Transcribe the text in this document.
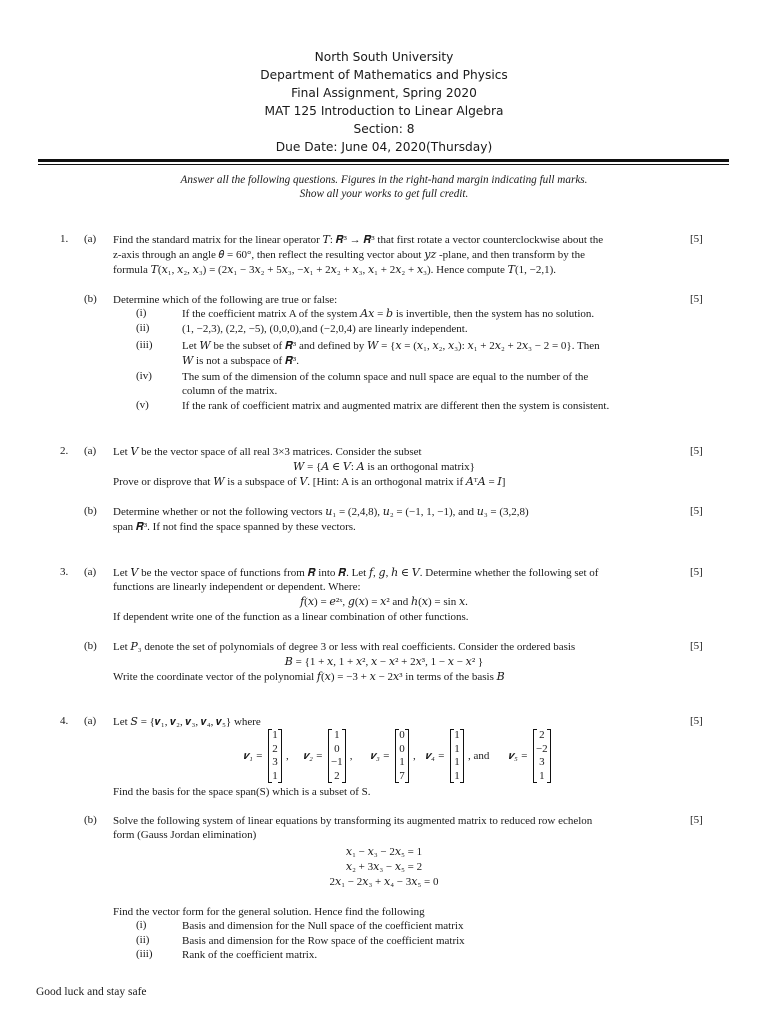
North South University
Department of Mathematics and Physics
Final Assignment, Spring 2020
MAT 125 Introduction to Linear Algebra
Section: 8
Due Date: June 04, 2020(Thursday)
Answer all the following questions. Figures in the right-hand margin indicating full marks.
Show all your works to get full credit.
1. (a)	[5]
Find the standard matrix for the linear operator 𝑇: 𝑹³ → 𝑹³ that first rotate a vector counterclockwise about the
z-axis through an angle 𝜃 = 60°, then reflect the resulting vector about 𝑦𝑧 -plane, and then transform by the
formula 𝑇(𝑥₁, 𝑥₂, 𝑥₃) = (2𝑥₁ − 3𝑥₂ + 5𝑥₃, −𝑥₁ + 2𝑥₂ + 𝑥₃, 𝑥₁ + 2𝑥₂ + 𝑥₃). Hence compute 𝑇(1, −2,1).
(b)	[5]
Determine which of the following are true or false:
(i)	If the coefficient matrix A of the system 𝐴𝑥 = 𝑏 is invertible, then the system has no solution.
(ii)	(1, −2,3), (2,2, −5), (0,0,0),and (−2,0,4) are linearly independent.
(iii)	Let 𝑊 be the subset of 𝑹³ and defined by 𝑊 = {𝑥 = (𝑥₁, 𝑥₂, 𝑥₃): 𝑥₁ + 2𝑥₂ + 2𝑥₃ − 2 = 0}. Then
𝑊 is not a subspace of 𝑹³.
(iv)	The sum of the dimension of the column space and null space are equal to the number of the
column of the matrix.
(v)	If the rank of coefficient matrix and augmented matrix are different then the system is consistent.
2. (a)	[5]
Let 𝑉 be the vector space of all real 3×3 matrices. Consider the subset
𝑊 = {𝐴 ∈ 𝑉: 𝐴 is an orthogonal matrix}
Prove or disprove that 𝑊 is a subspace of 𝑉. [Hint: A is an orthogonal matrix if 𝐴ᵀ𝐴 = 𝐼]
(b)	[5]
Determine whether or not the following vectors 𝑢₁ = (2,4,8), 𝑢₂ = (−1, 1, −1), and 𝑢₃ = (3,2,8)
span 𝑹³. If not find the space spanned by these vectors.
3. (a)	[5]
Let 𝑉 be the vector space of functions from 𝑹 into 𝑹. Let 𝑓, 𝑔, ℎ ∈ 𝑉. Determine whether the following set of
functions are linearly independent or dependent. Where:
𝑓(𝑥) = 𝑒²ˣ, 𝑔(𝑥) = 𝑥² and ℎ(𝑥) = sin 𝑥.
If dependent write one of the function as a linear combination of other functions.
(b)	[5]
Let 𝑃₃ denote the set of polynomials of degree 3 or less with real coefficients. Consider the ordered basis
𝐵 = {1 + 𝑥, 1 + 𝑥², 𝑥 − 𝑥² + 2𝑥³, 1 − 𝑥 − 𝑥² }
Write the coordinate vector of the polynomial 𝑓(𝑥) = −3 + 𝑥 − 2𝑥³ in terms of the basis 𝐵
4. (a)	[5]
Let 𝑆 = {𝒗₁, 𝒗₂, 𝒗₃, 𝒗₄, 𝒗₅} where
𝒗₁ =
1
2
3
1
, 𝒗₂ =
1
0
−1
2
, 𝒗₃ =
0
0
1
7
, 𝒗₄ =
1
1
1
1
, and 𝒗₅ =
2
−2
3
1
Find the basis for the space span(S) which is a subset of S.
(b)	[5]
Solve the following system of linear equations by transforming its augmented matrix to reduced row echelon
form (Gauss Jordan elimination)
𝑥₁ − 𝑥₃ − 2𝑥₅ = 1
𝑥₂ + 3𝑥₃ − 𝑥₅ = 2
2𝑥₁ − 2𝑥₃ + 𝑥₄ − 3𝑥₅ = 0
Find the vector form for the general solution. Hence find the following
(i)	Basis and dimension for the Null space of the coefficient matrix
(ii)	Basis and dimension for the Row space of the coefficient matrix
(iii)	Rank of the coefficient matrix.
Good luck and stay safe
